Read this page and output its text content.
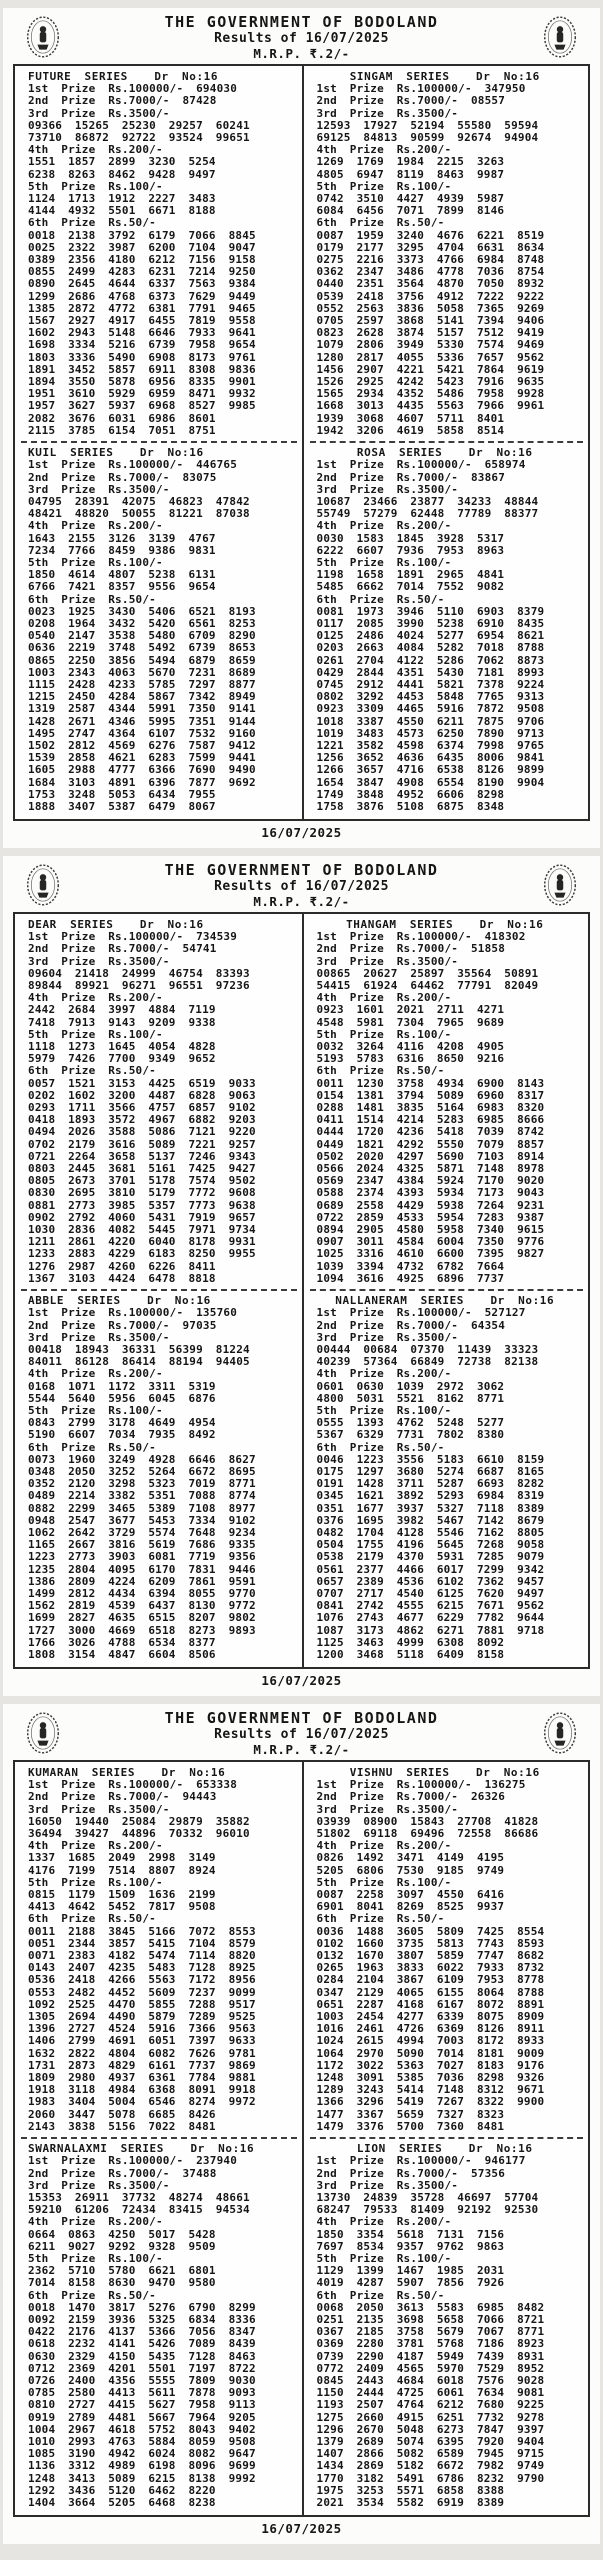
THE GOVERNMENT OF BODOLAND
Results of 16/07/2025
M.R.P. ₹.2/-
FUTURE SERIES  Dr No:16
1st Prize Rs.100000/- 694030
2nd Prize Rs.7000/- 87428
3rd Prize Rs.3500/-
09366 15265 25230 29257 60241
73710 86872 92722 93524 99651
4th Prize Rs.200/-
1551 1857 2899 3230 5254
6238 8263 8462 9428 9497
5th Prize Rs.100/-
1124 1713 1912 2227 3483
4144 4932 5501 6671 8188
6th Prize Rs.50/-
0018 2138 3792 6179 7066 8845
0025 2322 3987 6200 7104 9047
0389 2356 4180 6212 7156 9158
0855 2499 4283 6231 7214 9250
0890 2645 4644 6337 7563 9384
1299 2686 4768 6373 7629 9449
1385 2872 4772 6381 7791 9465
1567 2927 4917 6455 7819 9558
1602 2943 5148 6646 7933 9641
1698 3334 5216 6739 7958 9654
1803 3336 5490 6908 8173 9761
1891 3452 5857 6911 8308 9836
1894 3550 5878 6956 8335 9901
1951 3610 5929 6959 8471 9932
1957 3627 5937 6968 8527 9985
2082 3676 6031 6986 8601
2115 3785 6154 7051 8751
KUIL SERIES  Dr No:16
1st Prize Rs.100000/- 446765
2nd Prize Rs.7000/- 83075
3rd Prize Rs.3500/-
04795 28391 42075 46823 47842
48421 48820 50055 81221 87038
4th Prize Rs.200/-
1643 2155 3126 3139 4767
7234 7766 8459 9386 9831
5th Prize Rs.100/-
1850 4614 4807 5238 6131
6766 7421 8357 9556 9654
6th Prize Rs.50/-
0023 1925 3430 5406 6521 8193
0208 1964 3432 5420 6561 8253
0540 2147 3538 5480 6709 8290
0636 2219 3748 5492 6739 8653
0865 2250 3856 5494 6879 8659
1003 2343 4063 5670 7231 8689
1115 2428 4233 5785 7297 8877
1215 2450 4284 5867 7342 8949
1319 2587 4344 5991 7350 9141
1428 2671 4346 5995 7351 9144
1495 2747 4364 6107 7532 9160
1502 2812 4569 6276 7587 9412
1539 2858 4621 6283 7599 9441
1605 2988 4777 6366 7690 9490
1684 3103 4891 6396 7877 9692
1753 3248 5053 6434 7955
1888 3407 5387 6479 8067
SINGAM SERIES  Dr No:16
1st Prize Rs.100000/- 347950
2nd Prize Rs.7000/- 08557
3rd Prize Rs.3500/-
12593 17927 52194 55580 59594
69125 84813 90599 92674 94904
4th Prize Rs.200/-
1269 1769 1984 2215 3263
4805 6947 8119 8463 9987
5th Prize Rs.100/-
0742 3510 4427 4939 5987
6084 6456 7071 7899 8146
6th Prize Rs.50/-
0087 1959 3240 4676 6221 8519
0179 2177 3295 4704 6631 8634
0275 2216 3373 4766 6984 8748
0362 2347 3486 4778 7036 8754
0440 2351 3564 4870 7050 8932
0539 2418 3756 4912 7222 9222
0552 2563 3836 5058 7365 9269
0705 2597 3868 5141 7394 9406
0823 2628 3874 5157 7512 9419
1079 2806 3949 5330 7574 9469
1280 2817 4055 5336 7657 9562
1456 2907 4221 5421 7864 9619
1526 2925 4242 5423 7916 9635
1565 2934 4352 5486 7958 9928
1668 3013 4435 5563 7966 9961
1939 3068 4607 5711 8401
1942 3206 4619 5858 8514
ROSA SERIES  Dr No:16
1st Prize Rs.100000/- 658974
2nd Prize Rs.7000/- 83867
3rd Prize Rs.3500/-
10687 23466 23877 34233 48844
55749 57279 62448 77789 88377
4th Prize Rs.200/-
0030 1583 1845 3928 5317
6222 6607 7936 7953 8963
5th Prize Rs.100/-
1198 1658 1891 2965 4841
5485 6662 7014 7552 9082
6th Prize Rs.50/-
0081 1973 3946 5110 6903 8379
0117 2085 3990 5238 6910 8435
0125 2486 4024 5277 6954 8621
0203 2663 4084 5282 7018 8788
0261 2704 4122 5286 7062 8873
0429 2844 4351 5430 7181 8993
0745 2912 4441 5821 7378 9224
0802 3292 4453 5848 7765 9313
0923 3309 4465 5916 7872 9508
1018 3387 4550 6211 7875 9706
1019 3483 4573 6250 7890 9713
1221 3582 4598 6374 7998 9765
1256 3652 4636 6435 8006 9841
1266 3657 4716 6538 8126 9899
1654 3847 4908 6554 8190 9904
1749 3848 4952 6606 8298
1758 3876 5108 6875 8348
16/07/2025
THE GOVERNMENT OF BODOLAND
Results of 16/07/2025
M.R.P. ₹.2/-
DEAR SERIES  Dr No:16
1st Prize Rs.100000/- 734539
2nd Prize Rs.7000/- 54741
3rd Prize Rs.3500/-
09604 21418 24999 46754 83393
89844 89921 96271 96551 97236
4th Prize Rs.200/-
2442 2684 3997 4884 7119
7418 7913 9143 9209 9338
5th Prize Rs.100/-
1118 1273 1645 4054 4828
5979 7426 7700 9349 9652
6th Prize Rs.50/-
0057 1521 3153 4425 6519 9033
0202 1602 3200 4487 6828 9063
0293 1711 3566 4757 6857 9102
0418 1893 3572 4967 6882 9203
0494 2026 3588 5086 7121 9220
0702 2179 3616 5089 7221 9257
0721 2264 3658 5137 7246 9343
0803 2445 3681 5161 7425 9427
0805 2673 3701 5178 7574 9502
0830 2695 3810 5179 7772 9608
0881 2773 3985 5357 7773 9638
0902 2792 4060 5431 7919 9657
1030 2836 4082 5445 7971 9734
1211 2861 4220 6040 8178 9931
1233 2883 4229 6183 8250 9955
1276 2987 4260 6226 8411
1367 3103 4424 6478 8818
ABBLE SERIES  Dr No:16
1st Prize Rs.100000/- 135760
2nd Prize Rs.7000/- 97035
3rd Prize Rs.3500/-
00418 18943 36331 56399 81224
84011 86128 86414 88194 94405
4th Prize Rs.200/-
0168 1071 1172 3311 5319
5544 5640 5956 6045 6876
5th Prize Rs.100/-
0843 2799 3178 4649 4954
5190 6607 7034 7935 8492
6th Prize Rs.50/-
0073 1960 3249 4928 6646 8627
0348 2050 3252 5264 6672 8695
0352 2120 3298 5323 7019 8771
0489 2214 3382 5351 7088 8774
0882 2299 3465 5389 7108 8977
0948 2547 3677 5453 7334 9102
1062 2642 3729 5574 7648 9234
1165 2667 3816 5619 7686 9335
1223 2773 3903 6081 7719 9356
1235 2804 4095 6170 7831 9446
1386 2809 4224 6209 7861 9591
1499 2812 4434 6394 8055 9770
1562 2819 4539 6437 8130 9772
1699 2827 4635 6515 8207 9802
1727 3000 4669 6518 8273 9893
1766 3026 4788 6534 8377
1808 3154 4847 6604 8506
THANGAM SERIES  Dr No:16
1st Prize Rs.100000/- 418302
2nd Prize Rs.7000/- 51858
3rd Prize Rs.3500/-
00865 20627 25897 35564 50891
54415 61924 64462 77791 82049
4th Prize Rs.200/-
0923 1601 2021 2711 4271
4548 5981 7304 7965 9689
5th Prize Rs.100/-
0032 3264 4116 4208 4905
5193 5783 6316 8650 9216
6th Prize Rs.50/-
0011 1230 3758 4934 6900 8143
0154 1381 3794 5089 6960 8317
0288 1481 3835 5164 6983 8320
0411 1514 4214 5283 6985 8666
0444 1720 4236 5418 7039 8742
0449 1821 4292 5550 7079 8857
0502 2020 4297 5690 7103 8914
0566 2024 4325 5871 7148 8978
0569 2347 4384 5924 7170 9020
0588 2374 4393 5934 7173 9043
0689 2558 4429 5938 7264 9231
0722 2859 4533 5954 7283 9387
0894 2905 4580 5958 7340 9615
0907 3011 4584 6004 7350 9776
1025 3316 4610 6600 7395 9827
1039 3394 4732 6782 7664
1094 3616 4925 6896 7737
NALLANERAM SERIES  Dr No:16
1st Prize Rs.100000/- 527127
2nd Prize Rs.7000/- 64354
3rd Prize Rs.3500/-
00444 00684 07370 11439 33323
40239 57364 66849 72738 82138
4th Prize Rs.200/-
0601 0630 1039 2972 3062
4800 5031 5521 8162 8771
5th Prize Rs.100/-
0555 1393 4762 5248 5277
5367 6329 7731 7802 8380
6th Prize Rs.50/-
0046 1223 3556 5183 6610 8159
0175 1297 3680 5274 6687 8165
0191 1428 3711 5287 6693 8282
0345 1621 3892 5293 6984 8319
0351 1677 3937 5327 7118 8389
0376 1695 3982 5467 7142 8679
0482 1704 4128 5546 7162 8805
0504 1755 4196 5645 7268 9058
0538 2179 4370 5931 7285 9079
0561 2377 4466 6017 7299 9342
0657 2389 4536 6102 7362 9457
0707 2717 4540 6125 7620 9497
0841 2742 4555 6215 7671 9562
1076 2743 4677 6229 7782 9644
1087 3173 4862 6271 7881 9718
1125 3463 4999 6308 8092
1200 3468 5118 6409 8158
16/07/2025
THE GOVERNMENT OF BODOLAND
Results of 16/07/2025
M.R.P. ₹.2/-
KUMARAN SERIES  Dr No:16
1st Prize Rs.100000/- 653338
2nd Prize Rs.7000/- 94443
3rd Prize Rs.3500/-
16050 19440 25084 29879 35882
36494 39427 44896 70332 96010
4th Prize Rs.200/-
1337 1685 2049 2998 3149
4176 7199 7514 8807 8924
5th Prize Rs.100/-
0815 1179 1509 1636 2199
4413 4642 5452 7817 9508
6th Prize Rs.50/-
0011 2188 3845 5166 7072 8553
0051 2344 3857 5415 7104 8579
0071 2383 4182 5474 7114 8820
0143 2407 4235 5483 7128 8925
0536 2418 4266 5563 7172 8956
0553 2482 4452 5609 7237 9099
1092 2525 4470 5855 7288 9517
1305 2694 4490 5879 7289 9525
1396 2727 4524 5916 7366 9563
1406 2799 4691 6051 7397 9633
1632 2822 4804 6082 7626 9781
1731 2873 4829 6161 7737 9869
1809 2980 4937 6361 7784 9881
1918 3118 4984 6368 8091 9918
1983 3404 5004 6546 8274 9972
2060 3447 5078 6685 8426
2143 3838 5156 7022 8481
SWARNALAXMI SERIES  Dr No:16
1st Prize Rs.100000/- 237940
2nd Prize Rs.7000/- 37488
3rd Prize Rs.3500/-
15353 26911 37732 48274 48661
59210 61206 72434 83415 94534
4th Prize Rs.200/-
0664 0863 4250 5017 5428
6211 9027 9292 9328 9509
5th Prize Rs.100/-
2362 5710 5780 6621 6801
7014 8158 8630 9470 9580
6th Prize Rs.50/-
0018 1470 3817 5276 6790 8299
0092 2159 3936 5325 6834 8336
0422 2176 4137 5366 7056 8347
0618 2232 4141 5426 7089 8439
0630 2329 4150 5435 7128 8463
0712 2369 4201 5501 7197 8722
0726 2400 4356 5555 7809 9030
0785 2580 4413 5611 7878 9093
0810 2727 4415 5627 7958 9113
0919 2789 4481 5667 7964 9205
1004 2967 4618 5752 8043 9402
1010 2993 4763 5884 8059 9508
1085 3190 4942 6024 8082 9647
1136 3312 4989 6198 8096 9699
1248 3413 5089 6215 8138 9992
1292 3436 5120 6462 8220
1404 3664 5205 6468 8238
VISHNU SERIES  Dr No:16
1st Prize Rs.100000/- 136275
2nd Prize Rs.7000/- 26326
3rd Prize Rs.3500/-
03939 08900 15843 27708 41828
51802 69118 69496 72558 86686
4th Prize Rs.200/-
0826 1492 3471 4149 4195
5205 6806 7530 9185 9749
5th Prize Rs.100/-
0087 2258 3097 4550 6416
6901 8041 8269 8525 9937
6th Prize Rs.50/-
0036 1488 3605 5809 7425 8554
0102 1660 3735 5813 7743 8593
0132 1670 3807 5859 7747 8682
0265 1963 3833 6022 7933 8732
0284 2104 3867 6109 7953 8778
0347 2129 4065 6155 8064 8788
0651 2287 4168 6167 8072 8891
1003 2454 4277 6339 8075 8909
1016 2461 4726 6369 8126 8911
1024 2615 4994 7003 8172 8933
1064 2970 5090 7014 8181 9009
1172 3022 5363 7027 8183 9176
1248 3091 5385 7036 8298 9326
1289 3243 5414 7148 8312 9671
1366 3296 5419 7267 8322 9900
1477 3367 5659 7327 8323
1479 3376 5700 7360 8481
LION SERIES  Dr No:16
1st Prize Rs.100000/- 946177
2nd Prize Rs.7000/- 57356
3rd Prize Rs.3500/-
13730 24839 35728 46697 57704
68247 79533 81409 92192 92530
4th Prize Rs.200/-
1850 3354 5618 7131 7156
7697 8534 9357 9762 9863
5th Prize Rs.100/-
1129 1399 1467 1985 2031
4019 4287 5907 7856 7926
6th Prize Rs.50/-
0068 2050 3613 5583 6985 8482
0251 2135 3698 5658 7066 8721
0367 2185 3758 5679 7067 8771
0369 2280 3781 5768 7186 8923
0739 2290 4187 5949 7439 8931
0772 2409 4565 5970 7529 8952
0845 2443 4684 6018 7576 9028
1150 2444 4725 6061 7634 9081
1193 2507 4764 6212 7680 9225
1275 2660 4915 6251 7732 9278
1296 2670 5048 6273 7847 9397
1379 2689 5074 6395 7920 9404
1407 2866 5082 6589 7945 9715
1434 2869 5182 6672 7982 9749
1770 3182 5491 6786 8232 9790
1975 3253 5571 6858 8388
2021 3534 5582 6919 8389
16/07/2025
